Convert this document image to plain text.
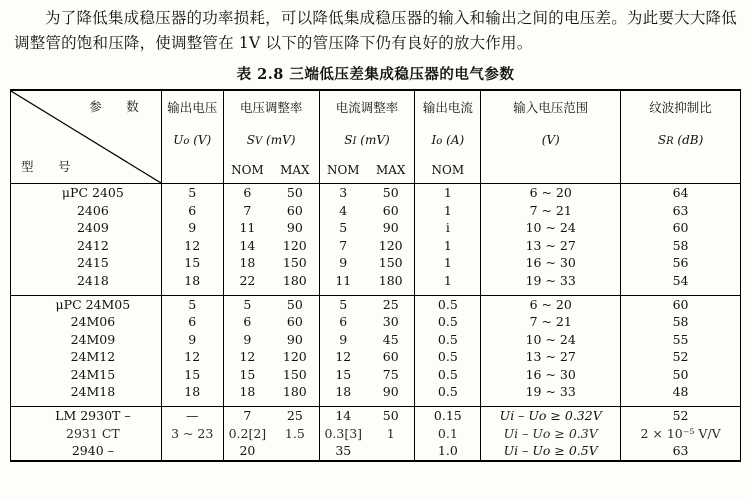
为了降低集成稳压器的功率损耗，可以降低集成稳压器的输入和输出之间的电压差。为此要大大降低调整管的饱和压降，使调整管在 1V 以下的管压降下仍有良好的放大作用。

表 2.8 三端低压差集成稳压器的电气参数
参　数
型　号	输出电压	电压调整率		电流调整率		输出电流	输入电压范围	纹波抑制比
	Uo (V)	SV (mV)		SI (mV)		Io (A)	(V)	SR (dB)
		NOM	MAX	NOM	MAX	NOM		
μPC 2405	5	6	50	3	50	1	6 ~ 20	64
2406	6	7	60	4	60	1	7 ~ 21	63
2409	9	11	90	5	90	i	10 ~ 24	60
2412	12	14	120	7	120	1	13 ~ 27	58
2415	15	18	150	9	150	1	16 ~ 30	56
2418	18	22	180	11	180	1	19 ~ 33	54

μPC 24M05	5	5	50	5	25	0.5	6 ~ 20	60
24M06	6	6	60	6	30	0.5	7 ~ 21	58
24M09	9	9	90	9	45	0.5	10 ~ 24	55
24M12	12	12	120	12	60	0.5	13 ~ 27	52
24M15	15	15	150	15	75	0.5	16 ~ 30	50
24M18	18	18	180	18	90	0.5	19 ~ 33	48

LM 2930T –	—	7	25	14	50	0.15	Ui – Uo ≥ 0.32V	52
2931 CT	3 ~ 23	0.2[2]	1.5	0.3[3]	1	0.1	Ui – Uo ≥ 0.3V	2 × 10⁻⁵ V/V
2940 –		20		35		1.0	Ui – Uo ≥ 0.5V	63
